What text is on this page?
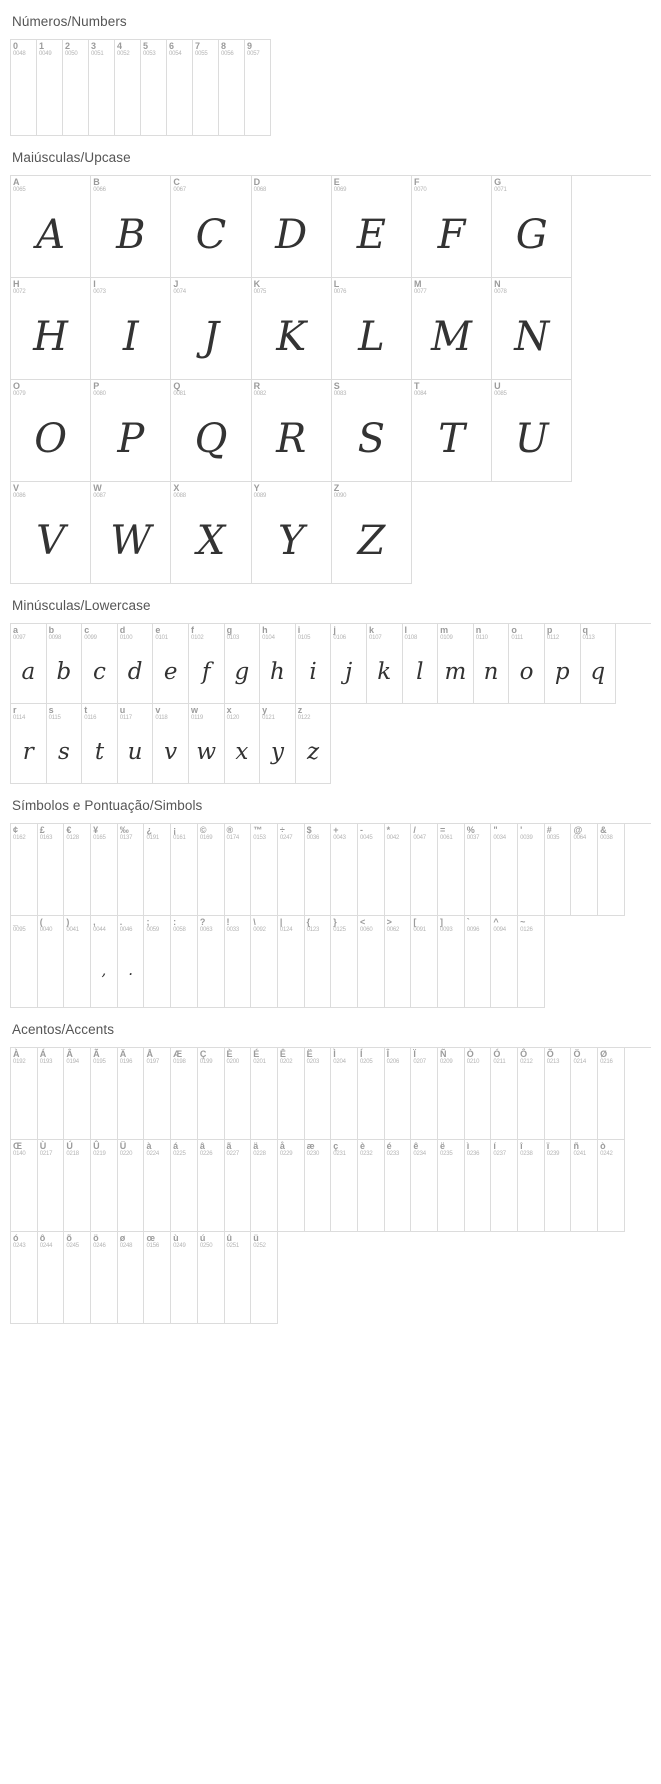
Números/Numbers
0
0048
1
0049
2
0050
3
0051
4
0052
5
0053
6
0054
7
0055
8
0056
9
0057
Maiúsculas/Upcase
A
0065
A
B
0066
B
C
0067
C
D
0068
D
E
0069
E
F
0070
F
G
0071
G
H
0072
H
I
0073
I
J
0074
J
K
0075
K
L
0076
L
M
0077
M
N
0078
N
O
0079
O
P
0080
P
Q
0081
Q
R
0082
R
S
0083
S
T
0084
T
U
0085
U
V
0086
V
W
0087
W
X
0088
X
Y
0089
Y
Z
0090
Z
Minúsculas/Lowercase
a
0097
a
b
0098
b
c
0099
c
d
0100
d
e
0101
e
f
0102
f
g
0103
g
h
0104
h
i
0105
i
j
0106
j
k
0107
k
l
0108
l
m
0109
m
n
0110
n
o
0111
o
p
0112
p
q
0113
q
r
0114
r
s
0115
s
t
0116
t
u
0117
u
v
0118
v
w
0119
w
x
0120
x
y
0121
y
z
0122
z
Símbolos e Pontuação/Simbols
¢
0162
£
0163
€
0128
¥
0165
‰
0137
¿
0191
¡
0161
©
0169
®
0174
™
0153
÷
0247
$
0036
+
0043
-
0045
*
0042
/
0047
=
0061
%
0037
"
0034
'
0039
#
0035
@
0064
&
0038
_
0095
(
0040
)
0041
,
0044
,
.
0046
.
;
0059
:
0058
?
0063
!
0033
\
0092
|
0124
{
0123
}
0125
<
0060
>
0062
[
0091
]
0093
`
0096
^
0094
~
0126
Acentos/Accents
À
0192
Á
0193
Â
0194
Ã
0195
Ä
0196
Å
0197
Æ
0198
Ç
0199
È
0200
É
0201
Ê
0202
Ë
0203
Ì
0204
Í
0205
Î
0206
Ï
0207
Ñ
0209
Ò
0210
Ó
0211
Ô
0212
Õ
0213
Ö
0214
Ø
0216
Œ
0140
Ù
0217
Ú
0218
Û
0219
Ü
0220
à
0224
á
0225
â
0226
ã
0227
ä
0228
å
0229
æ
0230
ç
0231
è
0232
é
0233
ê
0234
ë
0235
ì
0236
í
0237
î
0238
ï
0239
ñ
0241
ò
0242
ó
0243
ô
0244
õ
0245
ö
0246
ø
0248
œ
0156
ù
0249
ú
0250
û
0251
ü
0252
